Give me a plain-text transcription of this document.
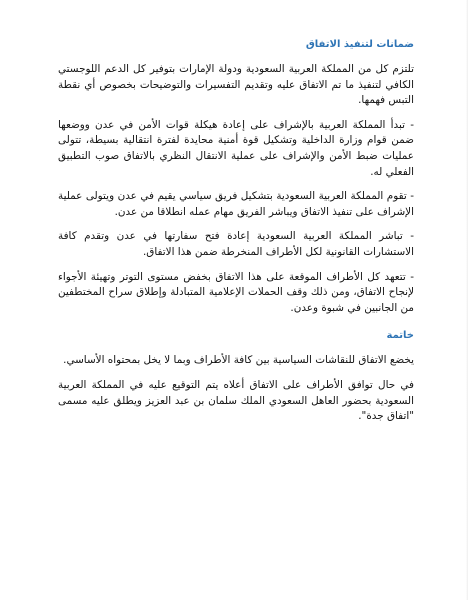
ضمانات لتنفيذ الاتفاق

تلتزم كل من المملكة العربية السعودية ودولة الإمارات بتوفير كل الدعم اللوجستي الكافي لتنفيذ ما تم الاتفاق عليه وتقديم التفسيرات والتوضيحات بخصوص أي نقطة التبس فهمها.

- تبدأ المملكة العربية بالإشراف على إعادة هيكلة قوات الأمن في عدن ووضعها ضمن قوام وزارة الداخلية وتشكيل قوة أمنية محايدة لفترة انتقالية بسيطة، تتولى عمليات ضبط الأمن والإشراف على عملية الانتقال النظري بالاتفاق صوب التطبيق الفعلي له.

- تقوم المملكة العربية السعودية بتشكيل فريق سياسي يقيم في عدن ويتولى عملية الإشراف على تنفيذ الاتفاق ويباشر الفريق مهام عمله انطلاقا من عدن.

- تباشر المملكة العربية السعودية إعادة فتح سفارتها في عدن وتقدم كافة الاستشارات القانونية لكل الأطراف المنخرطة ضمن هذا الاتفاق.

- تتعهد كل الأطراف الموقعة على هذا الاتفاق بخفض مستوى التوتر وتهيئة الأجواء لإنجاح الاتفاق، ومن ذلك وقف الحملات الإعلامية المتبادلة وإطلاق سراح المختطفين من الجانبين في شبوة وعدن.

خاتمة

يخضع الاتفاق للنقاشات السياسية بين كافة الأطراف وبما لا يخل بمحتواه الأساسي.

في حال توافق الأطراف على الاتفاق أعلاه يتم التوقيع عليه في المملكة العربية السعودية بحضور العاهل السعودي الملك سلمان بن عبد العزيز ويطلق عليه مسمى "اتفاق جدة".
